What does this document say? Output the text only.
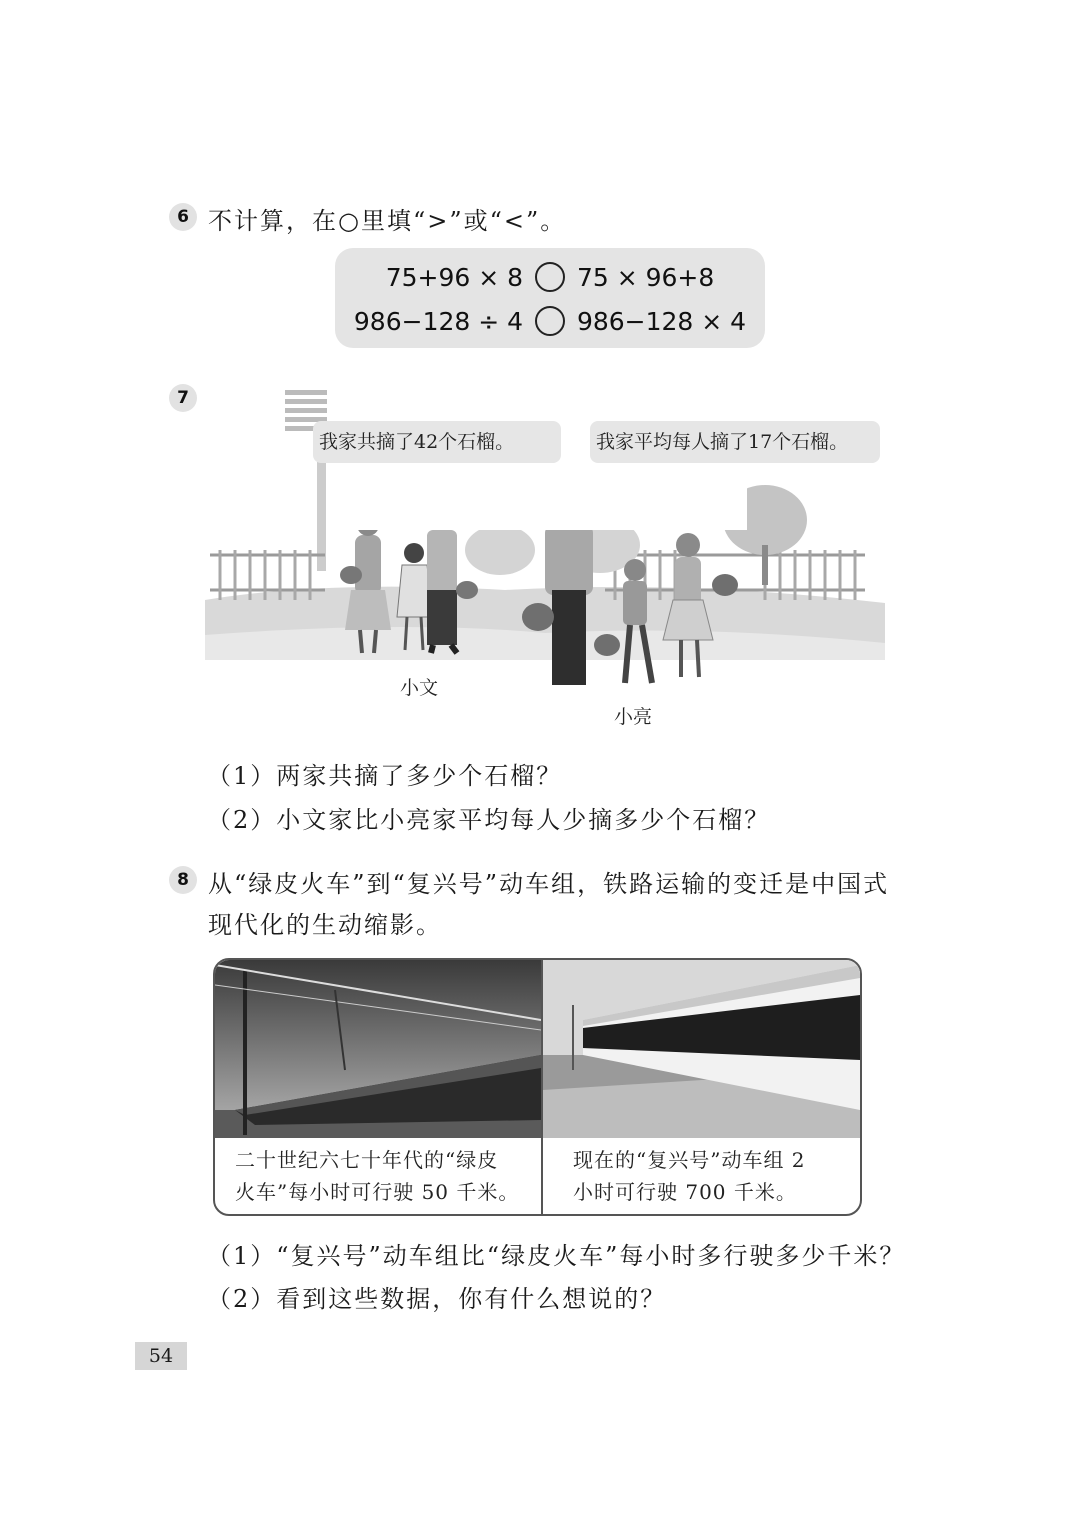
6 不计算，在○里填“>”或“<”。
75+96 × 8 75 × 96+8
986−128 ÷ 4 986−128 × 4
7
我家共摘了42个石榴。	我家平均每人摘了17个石榴。
小文
小亮
（1）两家共摘了多少个石榴？
（2）小文家比小亮家平均每人少摘多少个石榴？
8 从“绿皮火车”到“复兴号”动车组，铁路运输的变迁是中国式
现代化的生动缩影。
二十世纪六七十年代的“绿皮
火车”每小时可行驶 50 千米。
现在的“复兴号”动车组 2
小时可行驶 700 千米。
（1）“复兴号”动车组比“绿皮火车”每小时多行驶多少千米？
（2）看到这些数据，你有什么想说的？
54
